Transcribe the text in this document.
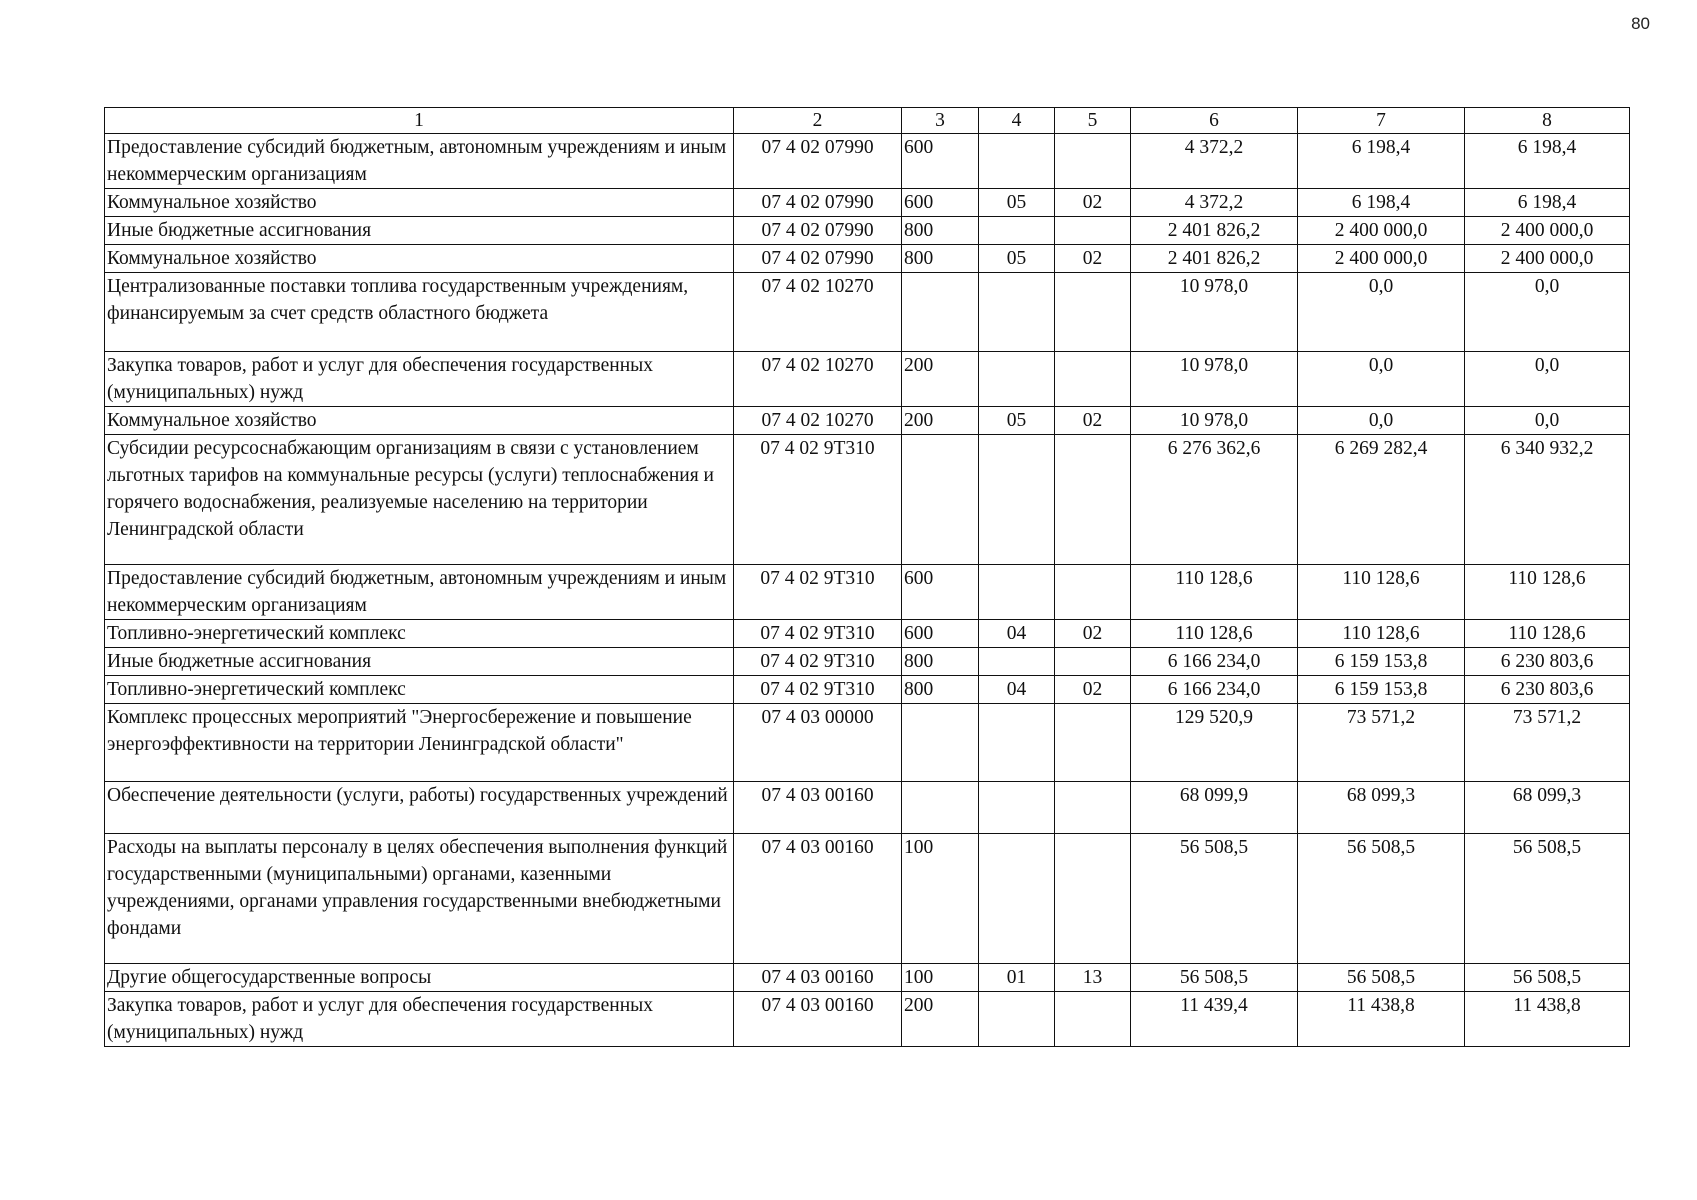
80
1	2	3	4	5	6	7	8
Предоставление субсидий бюджетным, автономным учреждениям и иным некоммерческим организациям	07 4 02 07990	600			4 372,2	6 198,4	6 198,4
Коммунальное хозяйство	07 4 02 07990	600	05	02	4 372,2	6 198,4	6 198,4
Иные бюджетные ассигнования	07 4 02 07990	800			2 401 826,2	2 400 000,0	2 400 000,0
Коммунальное хозяйство	07 4 02 07990	800	05	02	2 401 826,2	2 400 000,0	2 400 000,0
Централизованные поставки топлива государственным учреждениям, финансируемым за счет средств областного бюджета	07 4 02 10270				10 978,0	0,0	0,0
Закупка товаров, работ и услуг для обеспечения государственных (муниципальных) нужд	07 4 02 10270	200			10 978,0	0,0	0,0
Коммунальное хозяйство	07 4 02 10270	200	05	02	10 978,0	0,0	0,0
Субсидии ресурсоснабжающим организациям в связи с установлением льготных тарифов на коммунальные ресурсы (услуги) теплоснабжения и горячего водоснабжения, реализуемые населению на территории Ленинградской области	07 4 02 9Т310				6 276 362,6	6 269 282,4	6 340 932,2
Предоставление субсидий бюджетным, автономным учреждениям и иным некоммерческим организациям	07 4 02 9Т310	600			110 128,6	110 128,6	110 128,6
Топливно-энергетический комплекс	07 4 02 9Т310	600	04	02	110 128,6	110 128,6	110 128,6
Иные бюджетные ассигнования	07 4 02 9Т310	800			6 166 234,0	6 159 153,8	6 230 803,6
Топливно-энергетический комплекс	07 4 02 9Т310	800	04	02	6 166 234,0	6 159 153,8	6 230 803,6
Комплекс процессных мероприятий "Энергосбережение и повышение энергоэффективности на территории Ленинградской области"	07 4 03 00000				129 520,9	73 571,2	73 571,2
Обеспечение деятельности (услуги, работы) государственных учреждений	07 4 03 00160				68 099,9	68 099,3	68 099,3
Расходы на выплаты персоналу в целях обеспечения выполнения функций государственными (муниципальными) органами, казенными учреждениями, органами управления государственными внебюджетными фондами	07 4 03 00160	100			56 508,5	56 508,5	56 508,5
Другие общегосударственные вопросы	07 4 03 00160	100	01	13	56 508,5	56 508,5	56 508,5
Закупка товаров, работ и услуг для обеспечения государственных (муниципальных) нужд	07 4 03 00160	200			11 439,4	11 438,8	11 438,8
